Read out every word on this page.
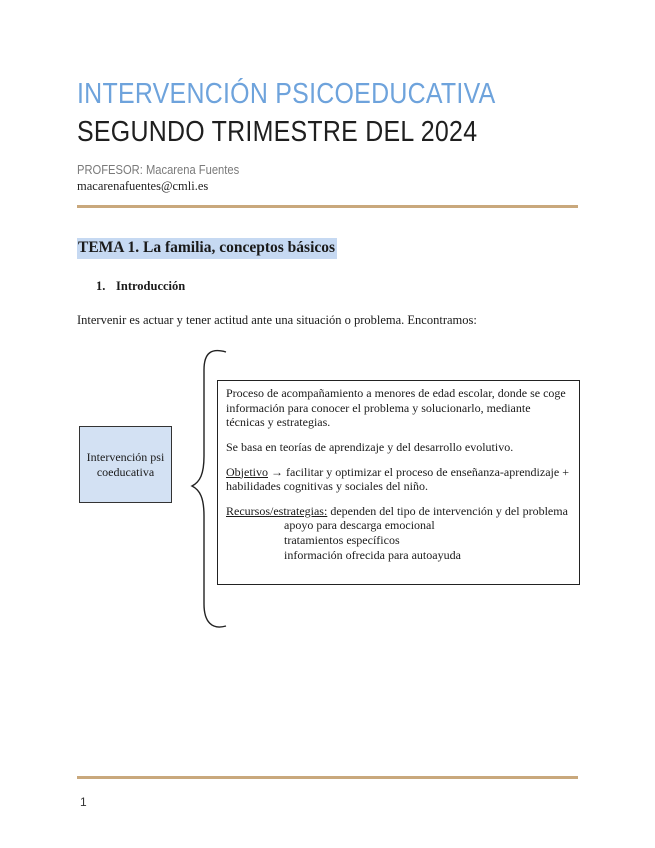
INTERVENCIÓN PSICOEDUCATIVA
SEGUNDO TRIMESTRE DEL 2024
PROFESOR: Macarena Fuentes
macarenafuentes@cmli.es
TEMA 1. La familia, conceptos básicos
1. Introducción
Intervenir es actuar y tener actitud ante una situación o problema. Encontramos:
Intervención psicoeducativa

Proceso de acompañamiento a menores de edad escolar, donde se coge información para conocer el problema y solucionarlo, mediante técnicas y estrategias.

Se basa en teorías de aprendizaje y del desarrollo evolutivo.

Objetivo → facilitar y optimizar el proceso de enseñanza-aprendizaje + habilidades cognitivas y sociales del niño.

Recursos/estrategias: dependen del tipo de intervención y del problema

apoyo para descarga emocional
tratamientos específicos
información ofrecida para autoayuda
1
